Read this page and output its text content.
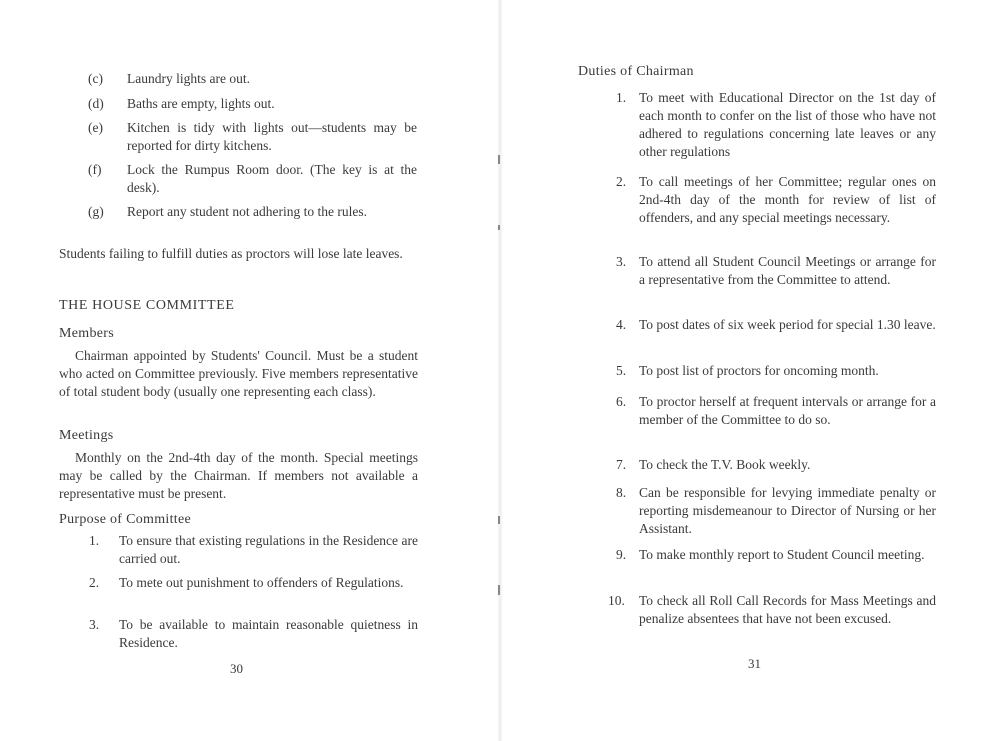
(c) Laundry lights are out.
(d) Baths are empty, lights out.
(e) Kitchen is tidy with lights out—students may be reported for dirty kitchens.
(f) Lock the Rumpus Room door. (The key is at the desk).
(g) Report any student not adhering to the rules.
Students failing to fulfill duties as proctors will lose late leaves.
THE HOUSE COMMITTEE
Members
Chairman appointed by Students' Council. Must be a student who acted on Committee previously. Five members representative of total student body (usually one representing each class).
Meetings
Monthly on the 2nd-4th day of the month. Special meetings may be called by the Chairman. If members not available a representative must be present.
Purpose of Committee
1. To ensure that existing regulations in the Residence are carried out.
2. To mete out punishment to offenders of Regulations.
3. To be available to maintain reasonable quietness in Residence.
30
Duties of Chairman
1. To meet with Educational Director on the 1st day of each month to confer on the list of those who have not adhered to regulations concerning late leaves or any other regulations
2. To call meetings of her Committee; regular ones on 2nd-4th day of the month for review of list of offenders, and any special meetings necessary.
3. To attend all Student Council Meetings or arrange for a representative from the Committee to attend.
4. To post dates of six week period for special 1.30 leave.
5. To post list of proctors for oncoming month.
6. To proctor herself at frequent intervals or arrange for a member of the Committee to do so.
7. To check the T.V. Book weekly.
8. Can be responsible for levying immediate penalty or reporting misdemeanour to Director of Nursing or her Assistant.
9. To make monthly report to Student Council meeting.
10. To check all Roll Call Records for Mass Meetings and penalize absentees that have not been excused.
31
